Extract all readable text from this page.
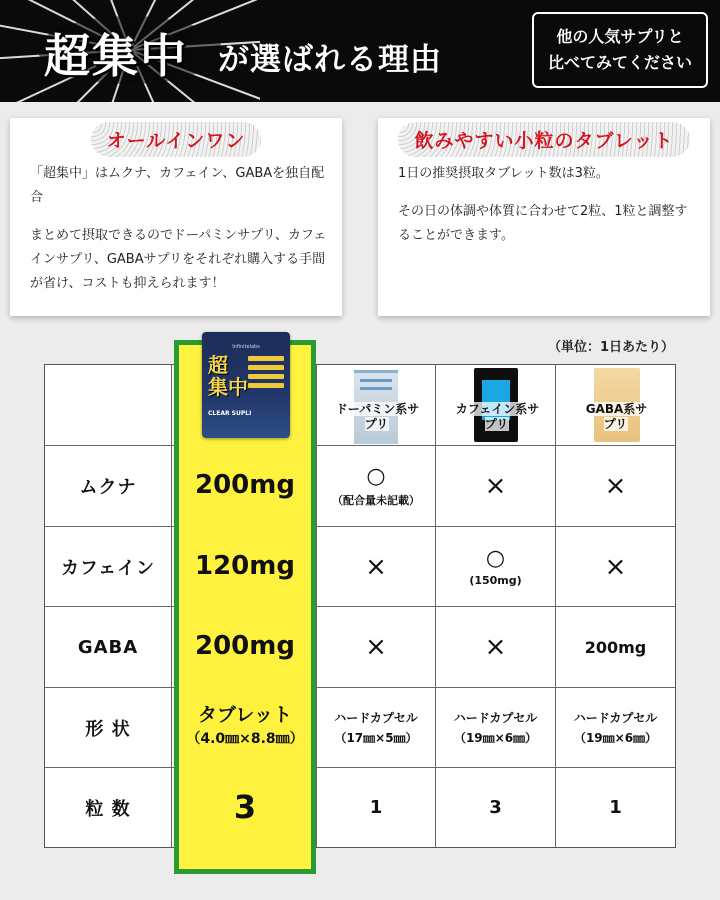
超集中 が選ばれる理由
他の人気サプリと
比べてみてください
オールインワン

「超集中」はムクナ、カフェイン、GABAを独自配合

まとめて摂取できるのでドーパミンサプリ、カフェインサプリ、GABAサプリをそれぞれ購入する手間が省け、コストも抑えられます！

飲みやすい小粒のタブレット

1日の推奨摂取タブレット数は3粒。

その日の体調や体質に合わせて2粒、1粒と調整することができます。

（単位：1日あたり）
ムクナ
カフェイン
GABA
形 状
粒 数
○
（配合量未記載）
×
×
ハードカプセル
（17㎜×5㎜）
1
×
○
(150mg)
×
ハードカプセル
（19㎜×6㎜）
3
×
×
200mg
ハードカプセル
（19㎜×6㎜）
1
ドーパミン系サプリ
カフェイン系サプリ
GABA系サプリ
200mg
120mg
200mg
タブレット
（4.0㎜×8.8㎜）
3
Infinitelabs
超
集中
CLEAR SUPLI
